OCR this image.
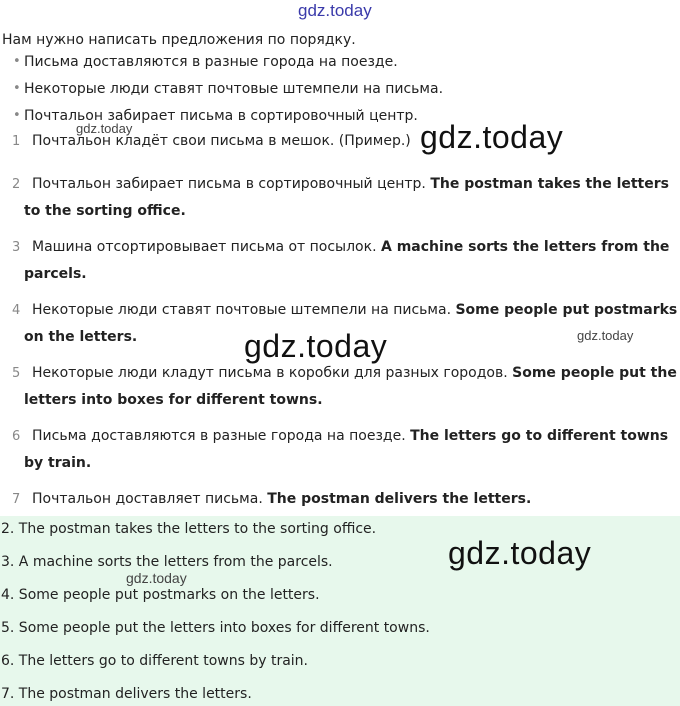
gdz.today
Нам нужно написать предложения по порядку.
• Письма доставляются в разные города на поезде.
• Некоторые люди ставят почтовые штемпели на письма.
• Почтальон забирает письма в сортировочный центр.
1 Почтальон кладёт свои письма в мешок. (Пример.)
2 Почтальон забирает письма в сортировочный центр. The postman takes the letters to the sorting office.
3 Машина отсортировывает письма от посылок. A machine sorts the letters from the parcels.
4 Некоторые люди ставят почтовые штемпели на письма. Some people put postmarks on the letters.
5 Некоторые люди кладут письма в коробки для разных городов. Some people put the letters into boxes for different towns.
6 Письма доставляются в разные города на поезде. The letters go to different towns by train.
7 Почтальон доставляет письма. The postman delivers the letters.
2. The postman takes the letters to the sorting office.
3. A machine sorts the letters from the parcels.
4. Some people put postmarks on the letters.
5. Some people put the letters into boxes for different towns.
6. The letters go to different towns by train.
7. The postman delivers the letters.
gdz.today	gdz.today
gdz.today	gdz.today
gdz.today
gdz.today
